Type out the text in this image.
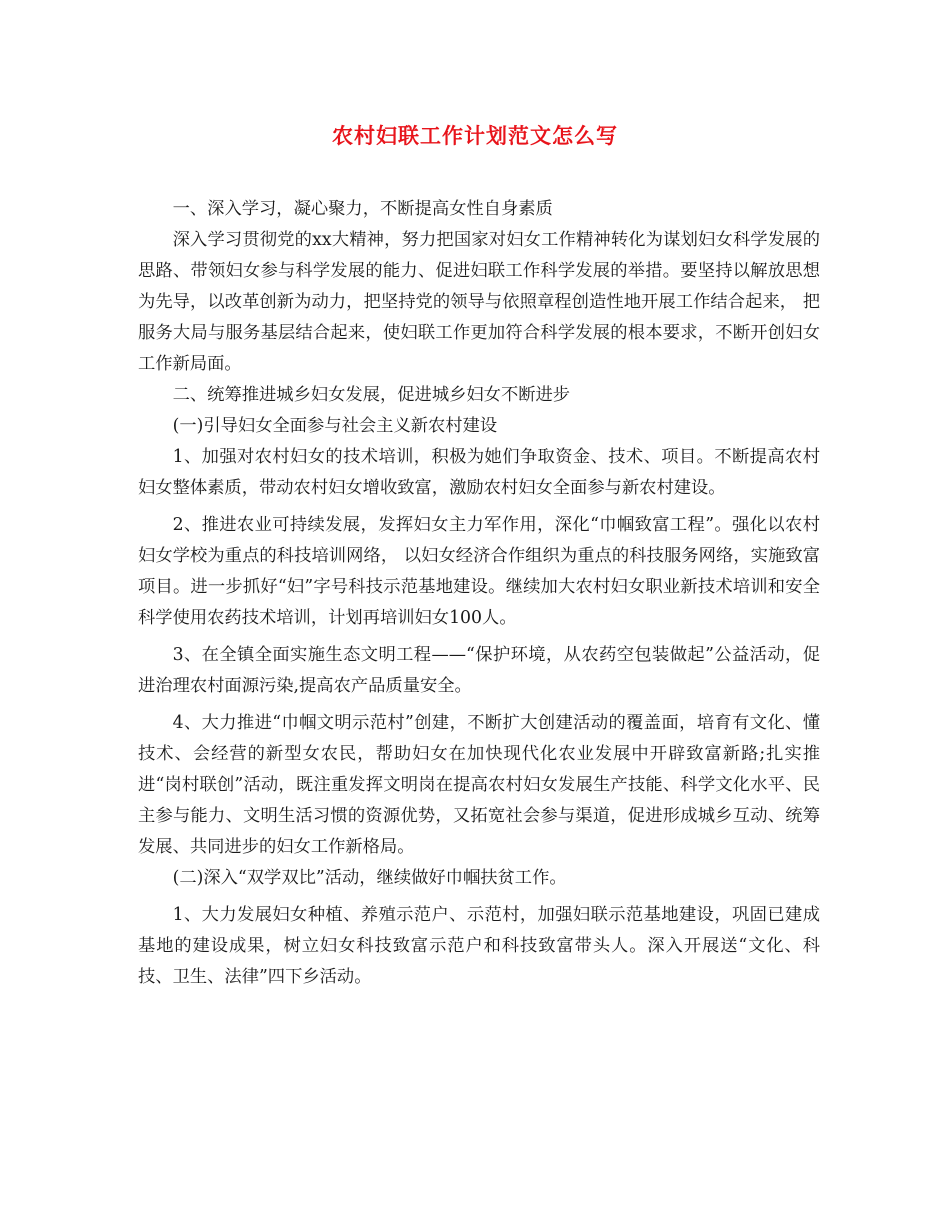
农村妇联工作计划范文怎么写

一、深入学习，凝心聚力，不断提高女性自身素质

深入学习贯彻党的xx大精神，努力把国家对妇女工作精神转化为谋划妇女科学发展的思路、带领妇女参与科学发展的能力、促进妇联工作科学发展的举措。要坚持以解放思想为先导，以改革创新为动力，把坚持党的领导与依照章程创造性地开展工作结合起来， 把服务大局与服务基层结合起来，使妇联工作更加符合科学发展的根本要求，不断开创妇女工作新局面。

二、统筹推进城乡妇女发展，促进城乡妇女不断进步

(一)引导妇女全面参与社会主义新农村建设

1、加强对农村妇女的技术培训，积极为她们争取资金、技术、项目。不断提高农村妇女整体素质，带动农村妇女增收致富，激励农村妇女全面参与新农村建设。

2、推进农业可持续发展，发挥妇女主力军作用，深化“巾帼致富工程”。强化以农村妇女学校为重点的科技培训网络， 以妇女经济合作组织为重点的科技服务网络，实施致富项目。进一步抓好“妇”字号科技示范基地建设。继续加大农村妇女职业新技术培训和安全科学使用农药技术培训，计划再培训妇女100人。

3、在全镇全面实施生态文明工程——“保护环境，从农药空包装做起”公益活动，促进治理农村面源污染,提高农产品质量安全。

4、大力推进“巾帼文明示范村”创建，不断扩大创建活动的覆盖面，培育有文化、懂技术、会经营的新型女农民，帮助妇女在加快现代化农业发展中开辟致富新路;扎实推进“岗村联创”活动，既注重发挥文明岗在提高农村妇女发展生产技能、科学文化水平、民主参与能力、文明生活习惯的资源优势，又拓宽社会参与渠道，促进形成城乡互动、统筹发展、共同进步的妇女工作新格局。

(二)深入“双学双比”活动，继续做好巾帼扶贫工作。

1、大力发展妇女种植、养殖示范户、示范村，加强妇联示范基地建设，巩固已建成基地的建设成果，树立妇女科技致富示范户和科技致富带头人。深入开展送“文化、科技、卫生、法律”四下乡活动。
